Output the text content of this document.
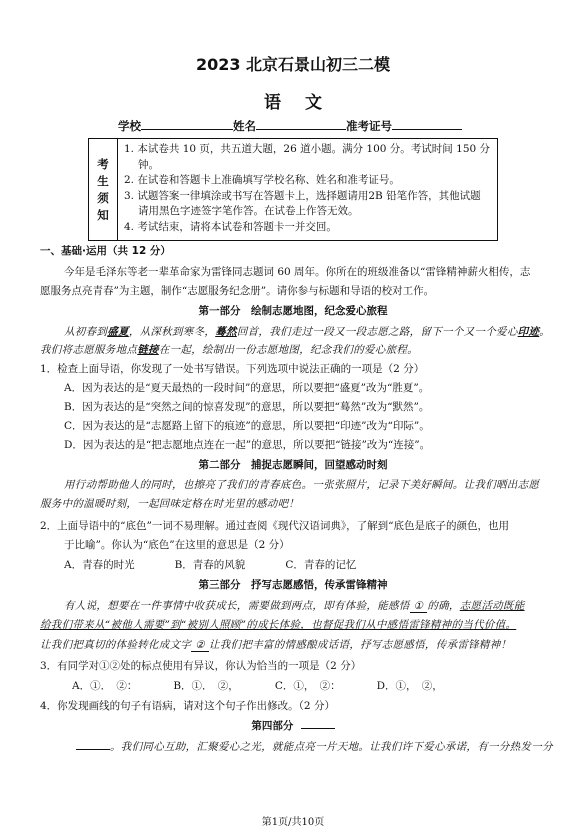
2023 北京石景山初三二模
语文
学校	姓名	准考证号
考
生
须
知
1. 本试卷共 10 页，共五道大题，26 道小题。满分 100 分。考试时间 150 分钟。
2. 在试卷和答题卡上准确填写学校名称、姓名和准考证号。
3. 试题答案一律填涂或书写在答题卡上，选择题请用2B 铅笔作答，其他试题请用黑色字迹签字笔作答。在试卷上作答无效。
4. 考试结束，请将本试卷和答题卡一并交回。
一、基础·运用（共 12 分）
今年是毛泽东等老一辈革命家为雷锋同志题词 60 周年。你所在的班级准备以“雷锋精神薪火相传，志
愿服务点亮青春”为主题，制作“志愿服务纪念册”。请你参与标题和导语的校对工作。
第一部分　绘制志愿地图，纪念爱心旅程
从初春到盛夏，从深秋到寒冬，蓦然回首，我们走过一段又一段志愿之路，留下一个又一个爱心印迹。
我们将志愿服务地点链接在一起，绘制出一份志愿地图，纪念我们的爱心旅程。
1．检查上面导语，你发现了一处书写错误。下列选项中说法正确的一项是（2 分）
A．因为表达的是“夏天最热的一段时间”的意思，所以要把“盛夏”改为“胜夏”。
B．因为表达的是“突然之间的惊喜发现”的意思，所以要把“蓦然”改为“默然”。
C．因为表达的是“志愿路上留下的痕迹”的意思，所以要把“印迹”改为“印际”。
D．因为表达的是“把志愿地点连在一起”的意思，所以要把“链接”改为“连接”。
第二部分　捕捉志愿瞬间，回望感动时刻
用行动帮助他人的同时，也擦亮了我们的青春底色。一张张照片，记录下美好瞬间。让我们晒出志愿
服务中的温暖时刻，一起回味定格在时光里的感动吧！
2．上面导语中的“底色”一词不易理解。通过查阅《现代汉语词典》，了解到“底色是底子的颜色，也用
于比喻”。你认为“底色”在这里的意思是（2 分）
A．青春的时光	B．青春的风貌	C．青春的记忆
第三部分　抒写志愿感悟，传承雷锋精神
有人说，想要在一件事情中收获成长，需要做到两点，即有体验，能感悟 ① 的确，志愿活动既能
给我们带来从“被他人需要”到“被别人照顾”的成长体验，也督促我们从中感悟雷锋精神的当代价值。
让我们把真切的体验转化成文字 ② 让我们把丰富的情感酿成话语，抒写志愿感悟，传承雷锋精神！
3．有同学对①②处的标点使用有异议，你认为恰当的一项是（2 分）
A．①．　②：	B．①．　②，	C．①，　②：	D．①，　②，
4．你发现画线的句子有语病，请对这个句子作出修改。（2 分）
第四部分
。我们同心互助，汇聚爱心之光，就能点亮一片天地。让我们许下爱心承诺，有一分热发一分
第1页/共10页
